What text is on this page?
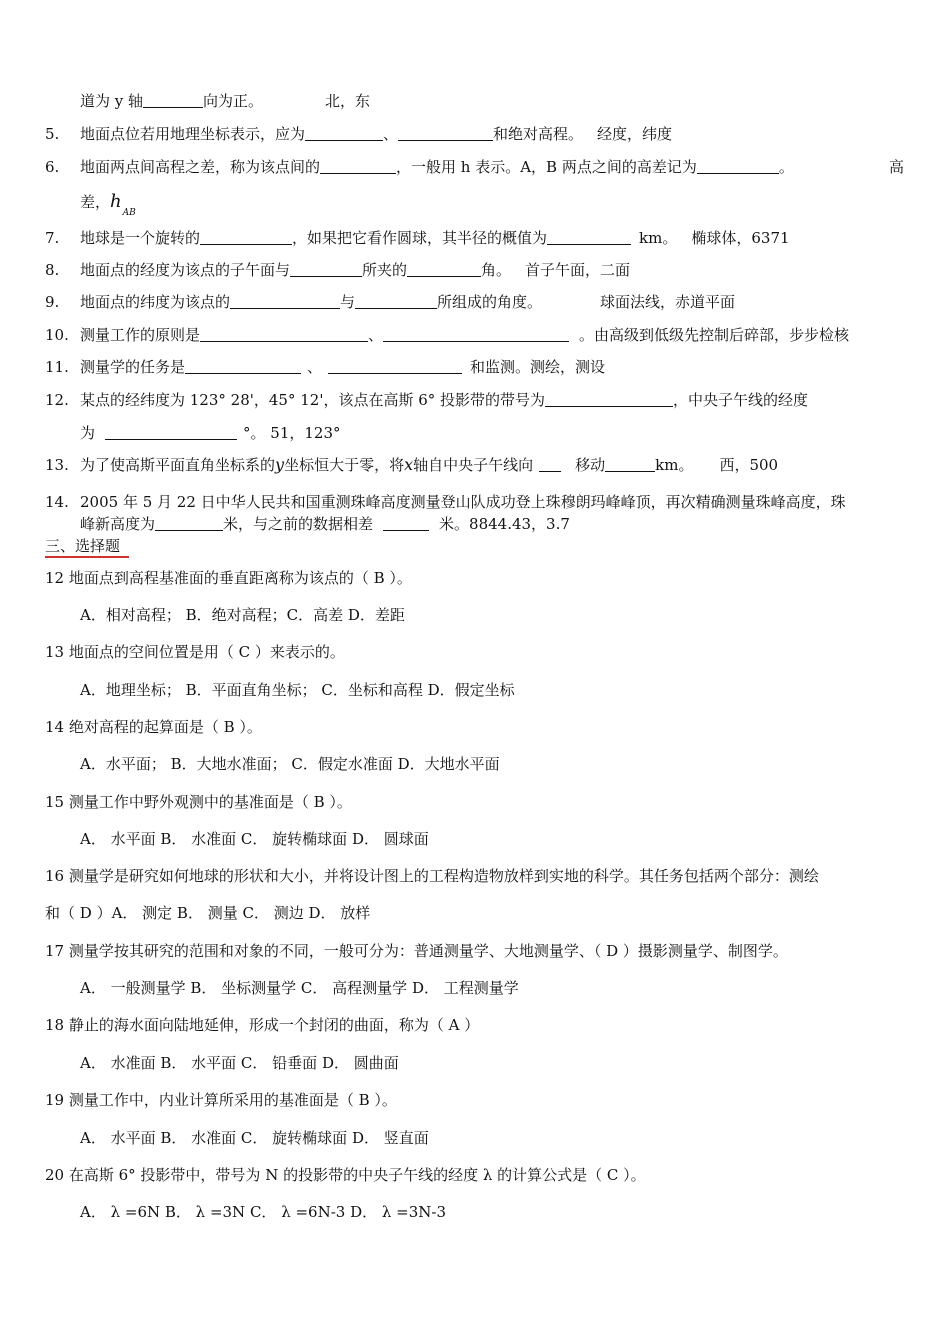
道为 y 轴	向为正。	北，东
5.	地面点位若用地理坐标表示，应为	、	和绝对高程。 经度，纬度
6.	地面两点间高程之差，称为该点间的	，一般用 h 表示。A，B 两点之间的高差记为	。	高
差，$h_{AB}$
7.	地球是一个旋转的	，如果把它看作圆球，其半径的概值为	km。 椭球体，6371
8.	地面点的经度为该点的子午面与	所夹的	角。 首子午面，二面
9.	地面点的纬度为该点的	与	所组成的角度。	球面法线，赤道平面
10. 测量工作的原则是	、	。由高级到低级先控制后碎部，步步检核
11. 测量学的任务是	、	和监测。测绘，测设
12. 某点的经纬度为 123° 28'，45° 12'，该点在高斯 6° 投影带的带号为	，中央子午线的经度
为	°。 51，123°
13. 为了使高斯平面直角坐标系的y坐标恒大于零，将x轴自中央子午线向	移动	km。 西，500
14. 2005 年 5 月 22 日中华人民共和国重测珠峰高度测量登山队成功登上珠穆朗玛峰峰顶，再次精确测量珠峰高度，珠
峰新高度为	米，与之前的数据相差	米。8844.43，3.7
三、选择题
12 地面点到高程基准面的垂直距离称为该点的（ B ）。
A．相对高程； B．绝对高程；C．高差 D．差距
13 地面点的空间位置是用（ C ）来表示的。
A．地理坐标； B．平面直角坐标； C．坐标和高程 D．假定坐标
14 绝对高程的起算面是（ B ）。
A．水平面； B．大地水准面； C．假定水准面 D．大地水平面
15 测量工作中野外观测中的基准面是（ B ）。
A． 水平面 B． 水准面 C． 旋转椭球面 D． 圆球面
16 测量学是研究如何地球的形状和大小，并将设计图上的工程构造物放样到实地的科学。其任务包括两个部分：测绘
和（ D ）A． 测定 B． 测量 C． 测边 D． 放样
17 测量学按其研究的范围和对象的不同，一般可分为：普通测量学、大地测量学、（ D ）摄影测量学、制图学。
A． 一般测量学 B． 坐标测量学 C． 高程测量学 D． 工程测量学
18 静止的海水面向陆地延伸，形成一个封闭的曲面，称为（ A ）
A． 水准面 B． 水平面 C． 铅垂面 D． 圆曲面
19 测量工作中，内业计算所采用的基准面是（ B ）。
A． 水平面 B． 水准面 C． 旋转椭球面 D． 竖直面
20 在高斯 6° 投影带中，带号为 N 的投影带的中央子午线的经度 λ 的计算公式是（ C ）。
A． λ =6N B． λ =3N C． λ =6N-3 D． λ =3N-3
